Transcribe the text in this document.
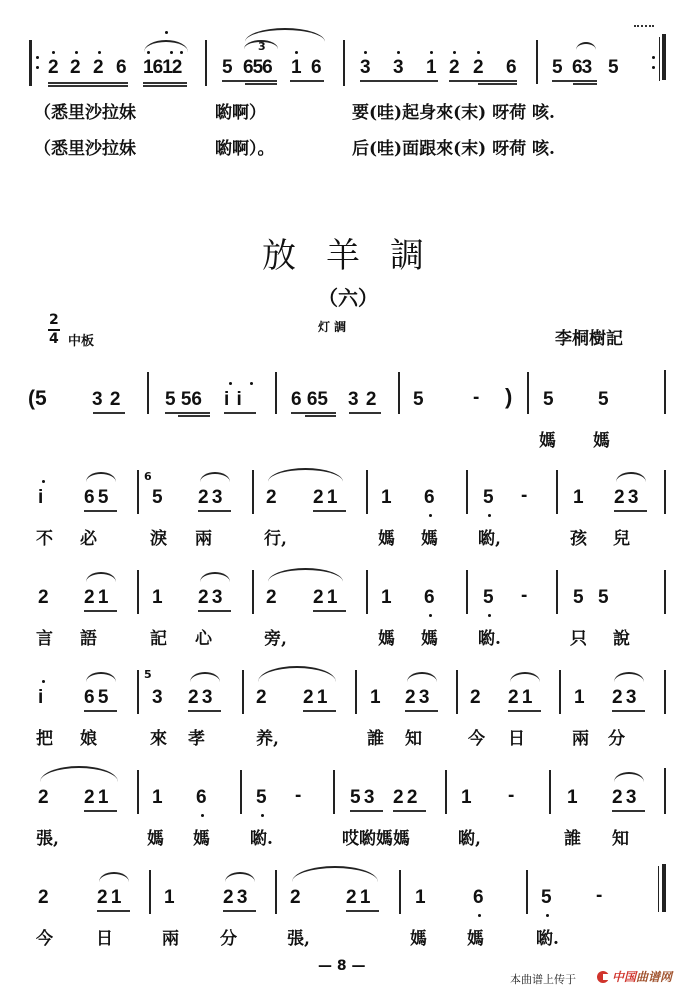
2 2 2 6 1612 5 656 1 6
3
3 3 1 2 2 6 5 63 5
（悉里沙拉妹	喲啊）	要(哇)起身來(末) 呀荷 咳.
（悉里沙拉妹	喲啊）。	后(哇)面跟來(末) 呀荷 咳.
放羊調
（六）
灯 調
2
4 中板	李桐樹記
(5 3 2 5 56 i i	6 65 3 2 5	- ) 5 5
媽 媽
i 6 5
6
5 2 3 2 2 1 1 6	5 - 1 2 3
不 必	淚 兩	行,	媽 媽 喲,	孩 兒
2 2 1 1 2 3 2 2 1 1 6	5 - 5 5
言 語	記 心	旁,	媽 媽 喲.	只 說
i 6 5
5
3 2 3 2 2 1 1 2 3 2 2 1 1 2 3
把 娘	來 孝	养,	誰 知	今 日	兩 分
2 2 1 1 6	5 -	5 3 2 2 1 -	1 2 3
張,	媽 媽 喲.	哎喲媽媽	喲,	誰 知
2	2 1 1	2 3 2 2 1 1 6	5 -
今	日	兩 分	張,	媽 媽	喲.
— 8 —
本曲谱上传于	中国 曲谱网
